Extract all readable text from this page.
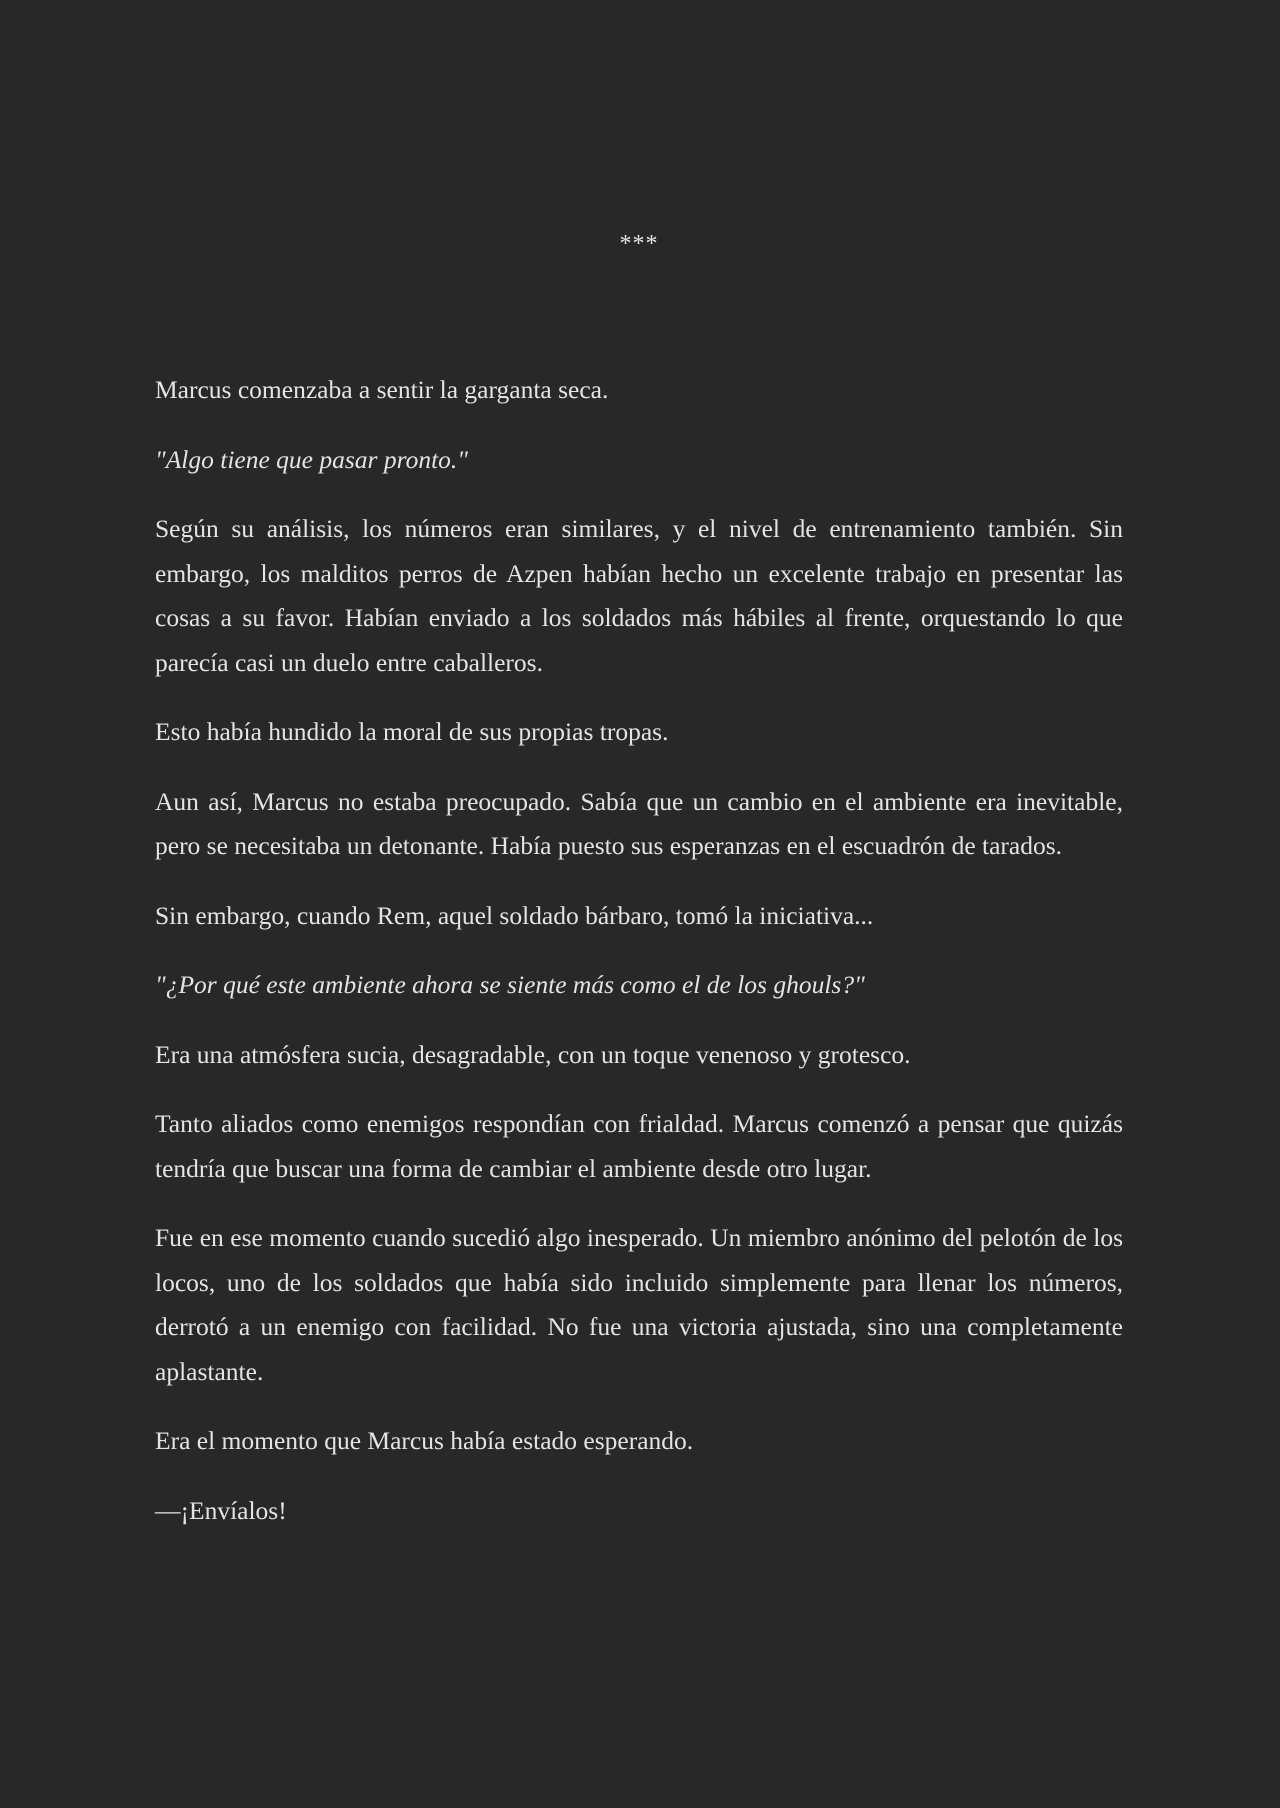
***

Marcus comenzaba a sentir la garganta seca.

"Algo tiene que pasar pronto."

Según su análisis, los números eran similares, y el nivel de entrenamiento también. Sin embargo, los malditos perros de Azpen habían hecho un excelente trabajo en presentar las cosas a su favor. Habían enviado a los soldados más hábiles al frente, orquestando lo que parecía casi un duelo entre caballeros.

Esto había hundido la moral de sus propias tropas.

Aun así, Marcus no estaba preocupado. Sabía que un cambio en el ambiente era inevitable, pero se necesitaba un detonante. Había puesto sus esperanzas en el escuadrón de tarados.

Sin embargo, cuando Rem, aquel soldado bárbaro, tomó la iniciativa...

"¿Por qué este ambiente ahora se siente más como el de los ghouls?"

Era una atmósfera sucia, desagradable, con un toque venenoso y grotesco.

Tanto aliados como enemigos respondían con frialdad. Marcus comenzó a pensar que quizás tendría que buscar una forma de cambiar el ambiente desde otro lugar.

Fue en ese momento cuando sucedió algo inesperado. Un miembro anónimo del pelotón de los locos, uno de los soldados que había sido incluido simplemente para llenar los números, derrotó a un enemigo con facilidad. No fue una victoria ajustada, sino una completamente aplastante.

Era el momento que Marcus había estado esperando.

—¡Envíalos!
